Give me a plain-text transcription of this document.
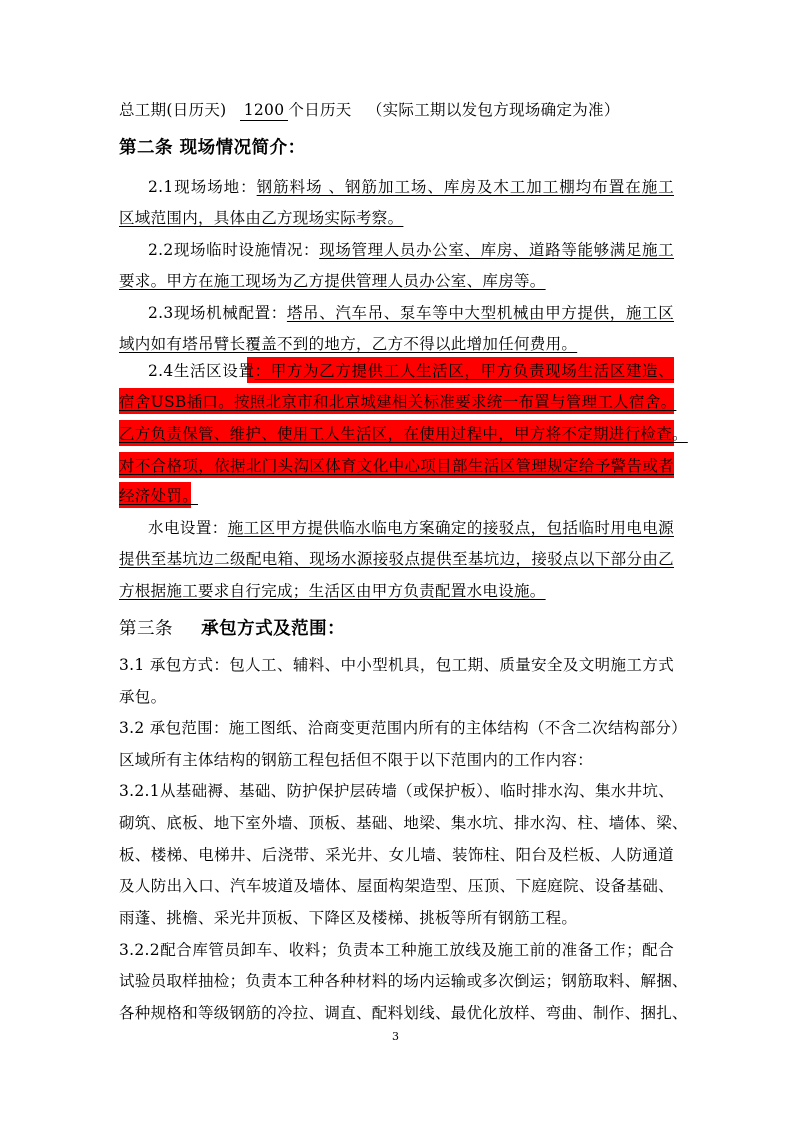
总工期(日历天) 1200 个日历天 （实际工期以发包方现场确定为准）
第二条 现场情况简介：
2.1现场场地：钢筋料场 、钢筋加工场、库房及木工加工棚均布置在施工
区域范围内，具体由乙方现场实际考察。
2.2现场临时设施情况：现场管理人员办公室、库房、道路等能够满足施工
要求。甲方在施工现场为乙方提供管理人员办公室、库房等。
2.3现场机械配置：塔吊、汽车吊、泵车等中大型机械由甲方提供，施工区
域内如有塔吊臂长覆盖不到的地方，乙方不得以此增加任何费用。
2.4生活区设置：甲方为乙方提供工人生活区，甲方负责现场生活区建造、
宿舍USB插口。按照北京市和北京城建相关标准要求统一布置与管理工人宿舍。
乙方负责保管、维护、使用工人生活区，在使用过程中，甲方将不定期进行检查。
对不合格项，依据北门头沟区体育文化中心项目部生活区管理规定给予警告或者
经济处罚。
水电设置：施工区甲方提供临水临电方案确定的接驳点，包括临时用电电源
提供至基坑边二级配电箱、现场水源接驳点提供至基坑边，接驳点以下部分由乙
方根据施工要求自行完成；生活区由甲方负责配置水电设施。
第三条 承包方式及范围：
3.1 承包方式：包人工、辅料、中小型机具，包工期、质量安全及文明施工方式
承包。
3.2 承包范围：施工图纸、洽商变更范围内所有的主体结构（不含二次结构部分）
区域所有主体结构的钢筋工程包括但不限于以下范围内的工作内容：
3.2.1从基础褥、基础、防护保护层砖墙（或保护板）、临时排水沟、集水井坑、
砌筑、底板、地下室外墙、顶板、基础、地梁、集水坑、排水沟、柱、墙体、梁、
板、楼梯、电梯井、后浇带、采光井、女儿墙、装饰柱、阳台及栏板、人防通道
及人防出入口、汽车坡道及墙体、屋面构架造型、压顶、下庭庭院、设备基础、
雨蓬、挑檐、采光井顶板、下降区及楼梯、挑板等所有钢筋工程。
3.2.2配合库管员卸车、收料；负责本工种施工放线及施工前的准备工作；配合
试验员取样抽检；负责本工种各种材料的场内运输或多次倒运；钢筋取料、解捆、
各种规格和等级钢筋的冷拉、调直、配料划线、最优化放样、弯曲、制作、捆扎、
3
